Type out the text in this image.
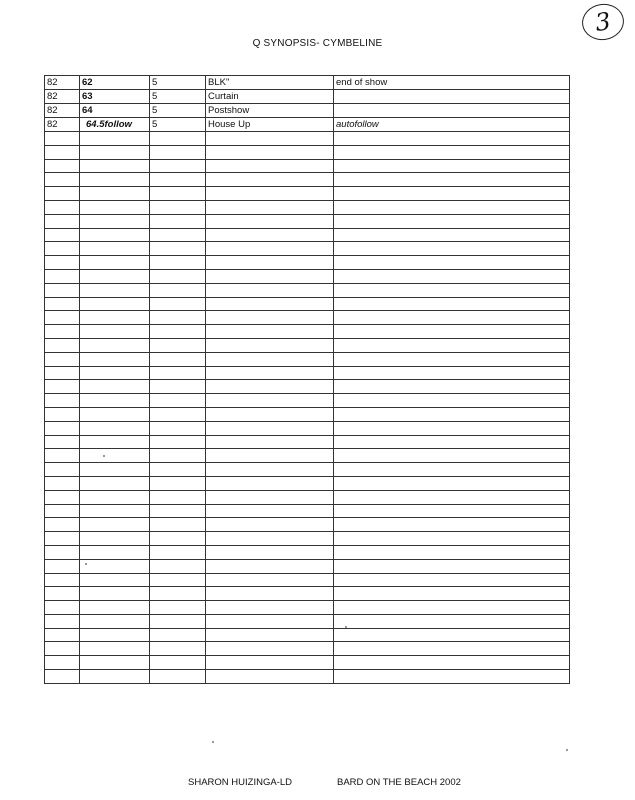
3
Q SYNOPSIS- CYMBELINE
82	62	5	BLK"	end of show
82	63	5	Curtain	
82	64	5	Postshow	
82	64.5follow	5	House Up	autofollow

SHARON HUIZINGA-LD	BARD ON THE BEACH 2002
